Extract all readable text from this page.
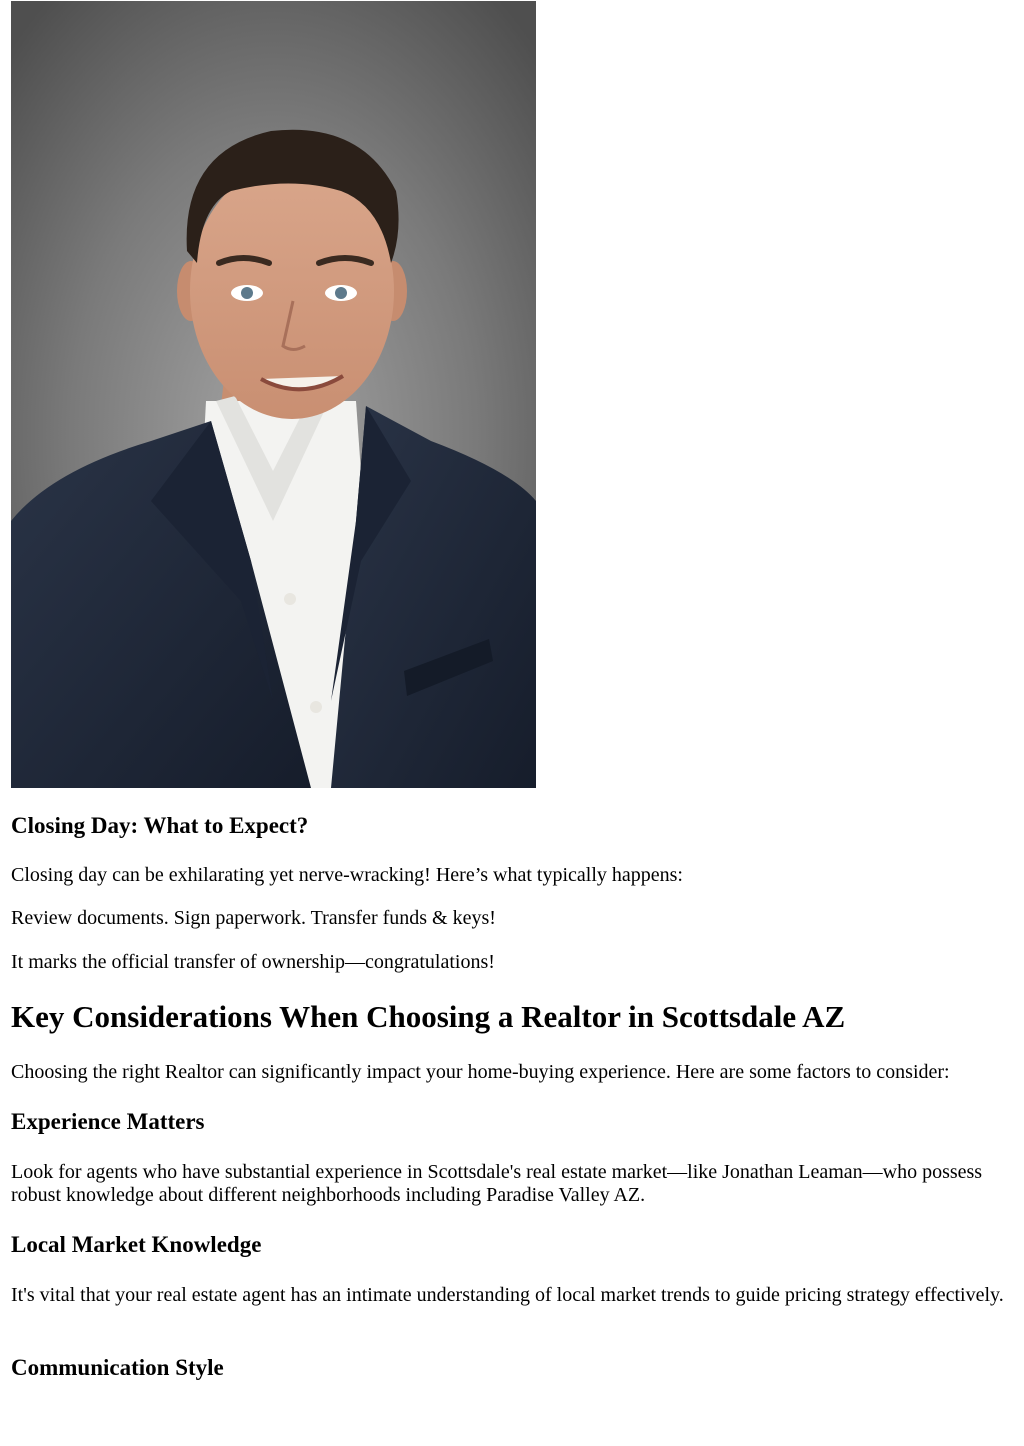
Closing Day: What to Expect?

Closing day can be exhilarating yet nerve-wracking! Here’s what typically happens:

Review documents. Sign paperwork. Transfer funds & keys!

It marks the official transfer of ownership—congratulations!

Key Considerations When Choosing a Realtor in Scottsdale AZ

Choosing the right Realtor can significantly impact your home-buying experience. Here are some factors to consider:

Experience Matters

Look for agents who have substantial experience in Scottsdale's real estate market—like Jonathan Leaman—who possess robust knowledge about different neighborhoods including Paradise Valley AZ.

Local Market Knowledge

It's vital that your real estate agent has an intimate understanding of local market trends to guide pricing strategy effectively.

Communication Style
